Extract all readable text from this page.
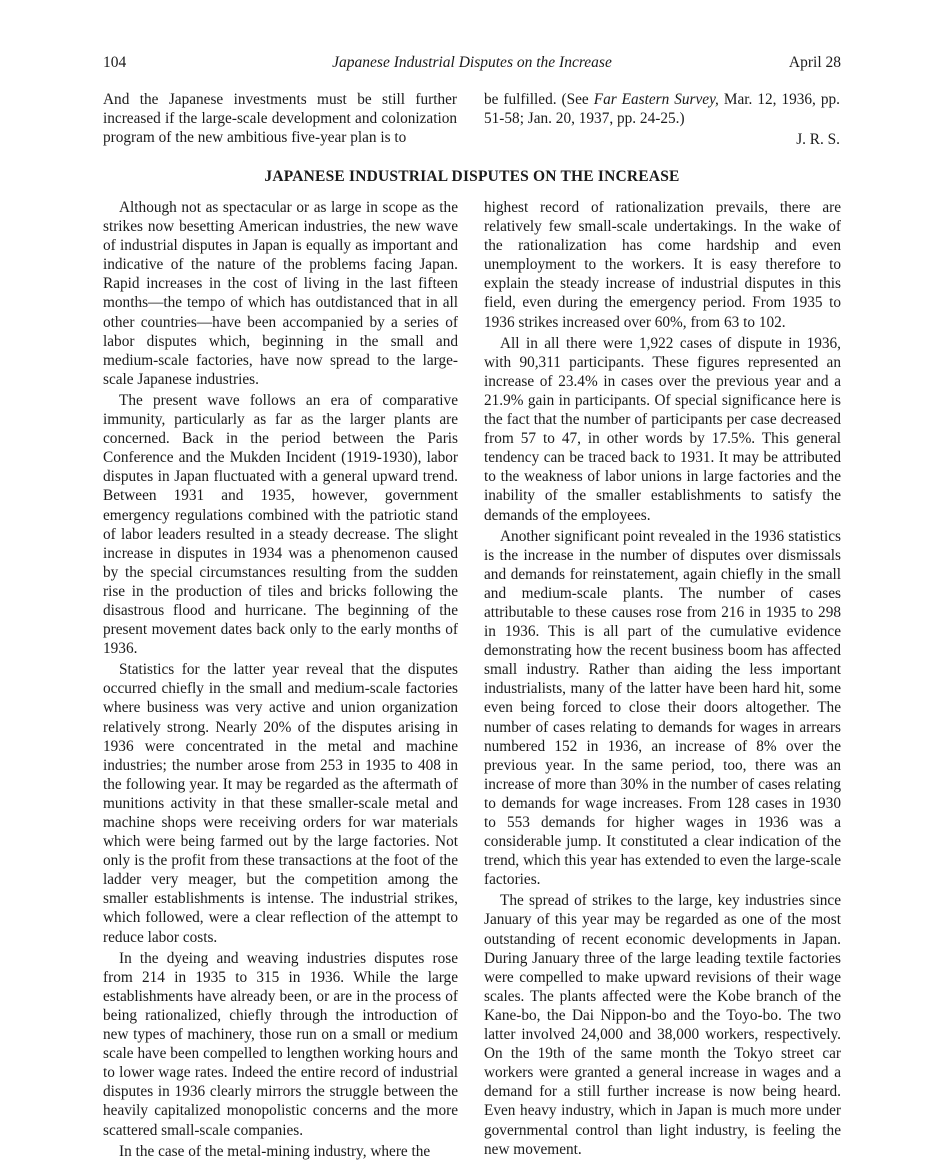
104	Japanese Industrial Disputes on the Increase	April 28

And the Japanese investments must be still further increased if the large-scale development and colonization program of the new ambitious five-year plan is to

be fulfilled. (See Far Eastern Survey, Mar. 12, 1936, pp. 51-58; Jan. 20, 1937, pp. 24-25.)

J. R. S.

JAPANESE INDUSTRIAL DISPUTES ON THE INCREASE

Although not as spectacular or as large in scope as the strikes now besetting American industries, the new wave of industrial disputes in Japan is equally as important and indicative of the nature of the problems facing Japan. Rapid increases in the cost of living in the last fifteen months—the tempo of which has outdistanced that in all other countries—have been accompanied by a series of labor disputes which, beginning in the small and medium-scale factories, have now spread to the large-scale Japanese industries.

The present wave follows an era of comparative immunity, particularly as far as the larger plants are concerned. Back in the period between the Paris Conference and the Mukden Incident (1919-1930), labor disputes in Japan fluctuated with a general upward trend. Between 1931 and 1935, however, government emergency regulations combined with the patriotic stand of labor leaders resulted in a steady decrease. The slight increase in disputes in 1934 was a phenomenon caused by the special circumstances resulting from the sudden rise in the production of tiles and bricks following the disastrous flood and hurricane. The beginning of the present movement dates back only to the early months of 1936.

Statistics for the latter year reveal that the disputes occurred chiefly in the small and medium-scale factories where business was very active and union organization relatively strong. Nearly 20% of the disputes arising in 1936 were concentrated in the metal and machine industries; the number arose from 253 in 1935 to 408 in the following year. It may be regarded as the aftermath of munitions activity in that these smaller-scale metal and machine shops were receiving orders for war materials which were being farmed out by the large factories. Not only is the profit from these transactions at the foot of the ladder very meager, but the competition among the smaller establishments is intense. The industrial strikes, which followed, were a clear reflection of the attempt to reduce labor costs.

In the dyeing and weaving industries disputes rose from 214 in 1935 to 315 in 1936. While the large establishments have already been, or are in the process of being rationalized, chiefly through the introduction of new types of machinery, those run on a small or medium scale have been compelled to lengthen working hours and to lower wage rates. Indeed the entire record of industrial disputes in 1936 clearly mirrors the struggle between the heavily capitalized monopolistic concerns and the more scattered small-scale companies.

In the case of the metal-mining industry, where the

highest record of rationalization prevails, there are relatively few small-scale undertakings. In the wake of the rationalization has come hardship and even unemployment to the workers. It is easy therefore to explain the steady increase of industrial disputes in this field, even during the emergency period. From 1935 to 1936 strikes increased over 60%, from 63 to 102.

All in all there were 1,922 cases of dispute in 1936, with 90,311 participants. These figures represented an increase of 23.4% in cases over the previous year and a 21.9% gain in participants. Of special significance here is the fact that the number of participants per case decreased from 57 to 47, in other words by 17.5%. This general tendency can be traced back to 1931. It may be attributed to the weakness of labor unions in large factories and the inability of the smaller establishments to satisfy the demands of the employees.

Another significant point revealed in the 1936 statistics is the increase in the number of disputes over dismissals and demands for reinstatement, again chiefly in the small and medium-scale plants. The number of cases attributable to these causes rose from 216 in 1935 to 298 in 1936. This is all part of the cumulative evidence demonstrating how the recent business boom has affected small industry. Rather than aiding the less important industrialists, many of the latter have been hard hit, some even being forced to close their doors altogether. The number of cases relating to demands for wages in arrears numbered 152 in 1936, an increase of 8% over the previous year. In the same period, too, there was an increase of more than 30% in the number of cases relating to demands for wage increases. From 128 cases in 1930 to 553 demands for higher wages in 1936 was a considerable jump. It constituted a clear indication of the trend, which this year has extended to even the large-scale factories.

The spread of strikes to the large, key industries since January of this year may be regarded as one of the most outstanding of recent economic developments in Japan. During January three of the large leading textile factories were compelled to make upward revisions of their wage scales. The plants affected were the Kobe branch of the Kane-bo, the Dai Nippon-bo and the Toyo-bo. The two latter involved 24,000 and 38,000 workers, respectively. On the 19th of the same month the Tokyo street car workers were granted a general increase in wages and a demand for a still further increase is now being heard. Even heavy industry, which in Japan is much more under governmental control than light industry, is feeling the new movement.
